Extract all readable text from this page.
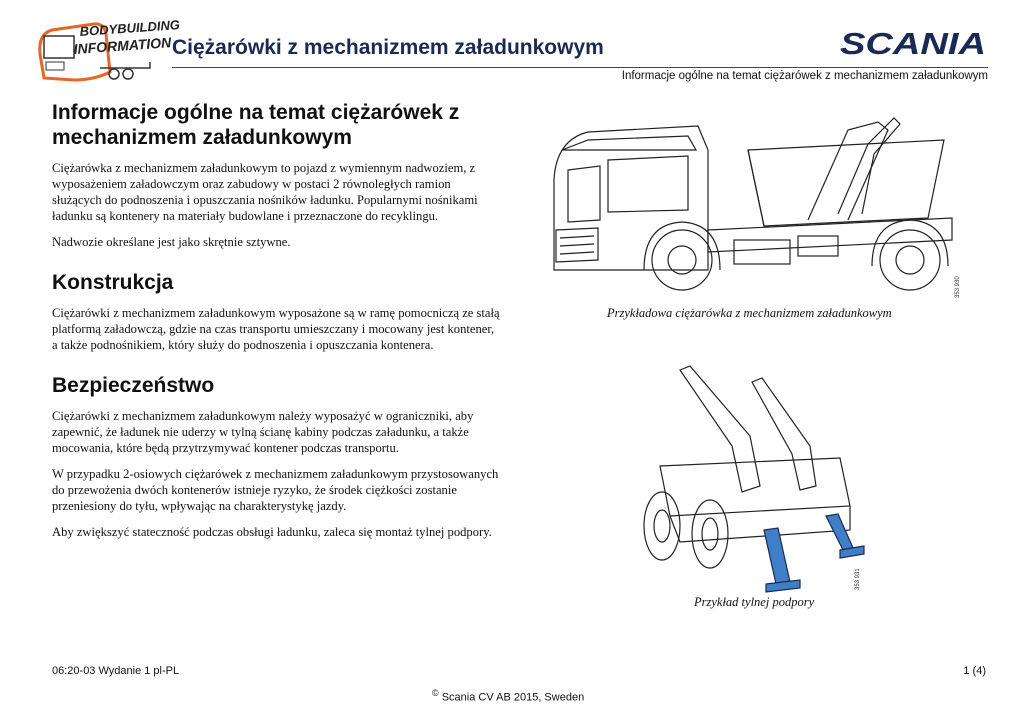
BODYBUILDING
INFORMATION Ciężarówki z mechanizmem załadunkowym	SCANIA
Informacje ogólne na temat ciężarówek z mechanizmem załadunkowym
Informacje ogólne na temat ciężarówek z mechanizmem załadunkowym

Ciężarówka z mechanizmem załadunkowym to pojazd z wymiennym nadwoziem, z wyposażeniem załadowczym oraz zabudowy w postaci 2 równoległych ramion służących do podnoszenia i opuszczania nośników ładunku. Popularnymi nośnikami ładunku są kontenery na materiały budowlane i przeznaczone do recyklingu.

Nadwozie określane jest jako skrętnie sztywne.

Konstrukcja

Ciężarówki z mechanizmem załadunkowym wyposażone są w ramę pomocniczą ze stałą platformą załadowczą, gdzie na czas transportu umieszczany i mocowany jest kontener, a także podnośnikiem, który służy do podnoszenia i opuszczania kontenera.

Bezpieczeństwo

Ciężarówki z mechanizmem załadunkowym należy wyposażyć w ograniczniki, aby zapewnić, że ładunek nie uderzy w tylną ścianę kabiny podczas załadunku, a także mocowania, które będą przytrzymywać kontener podczas transportu.

W przypadku 2-osiowych ciężarówek z mechanizmem załadunkowym przystosowanych do przewożenia dwóch kontenerów istnieje ryzyko, że środek ciężkości zostanie przeniesiony do tyłu, wpływając na charakterystykę jazdy.

Aby zwiększyć stateczność podczas obsługi ładunku, zaleca się montaż tylnej podpory.

353 930
Przykładowa ciężarówka z mechanizmem załadunkowym
353 931
Przykład tylnej podpory
06:20-03 Wydanie 1 pl-PL	1 (4)
© Scania CV AB 2015, Sweden
